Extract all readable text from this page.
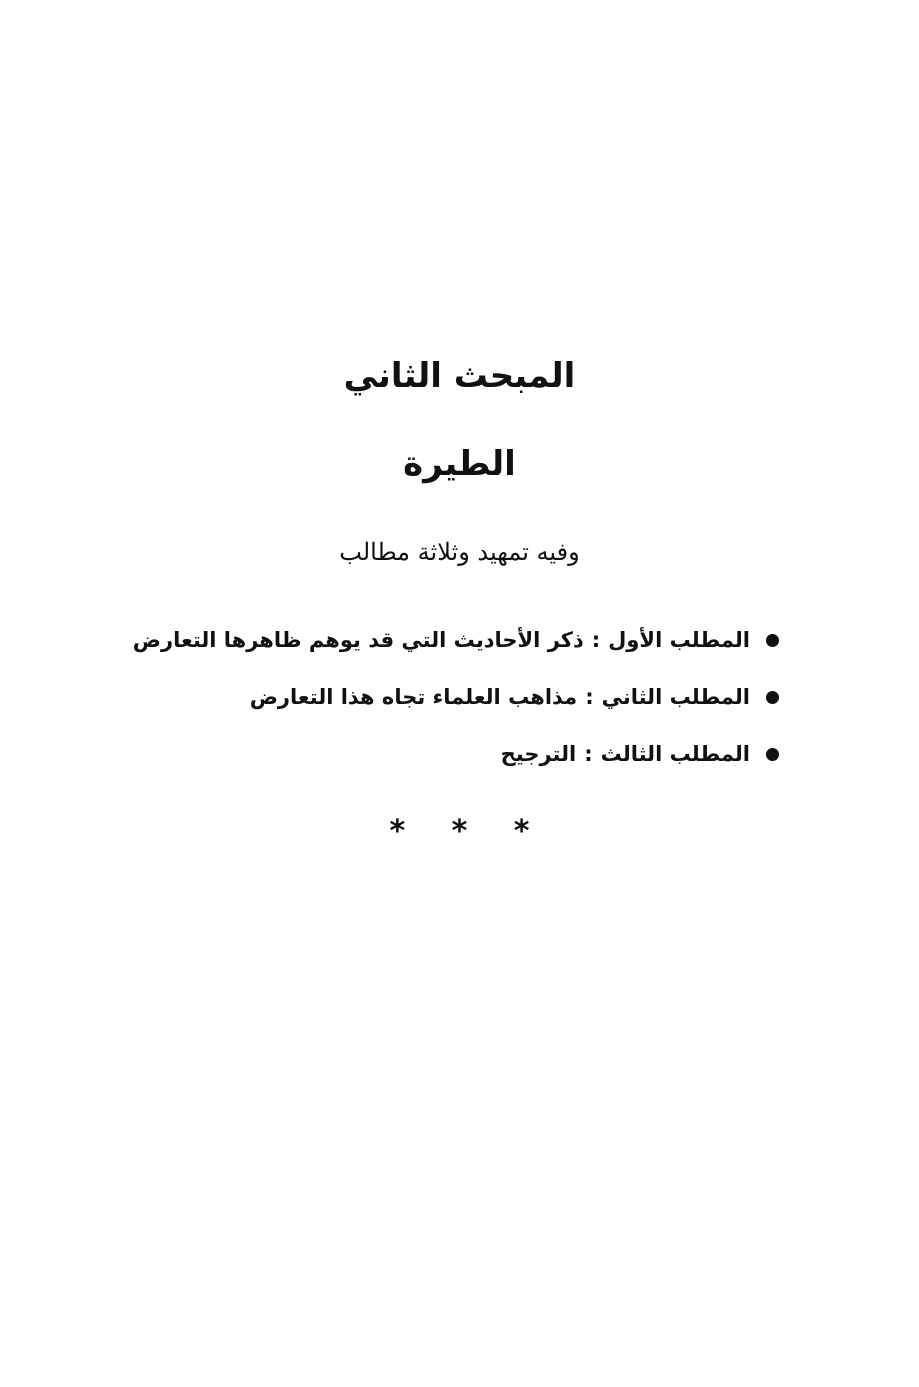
المبحث الثاني
الطيرة

وفيه تمهيد وثلاثة مطالب

المطلب الأول
:
ذكر الأحاديث التي قد يوهم ظاهرها التعارض
المطلب الثاني
:
مذاهب العلماء تجاه هذا التعارض
المطلب الثالث
:
الترجيح
* * *
